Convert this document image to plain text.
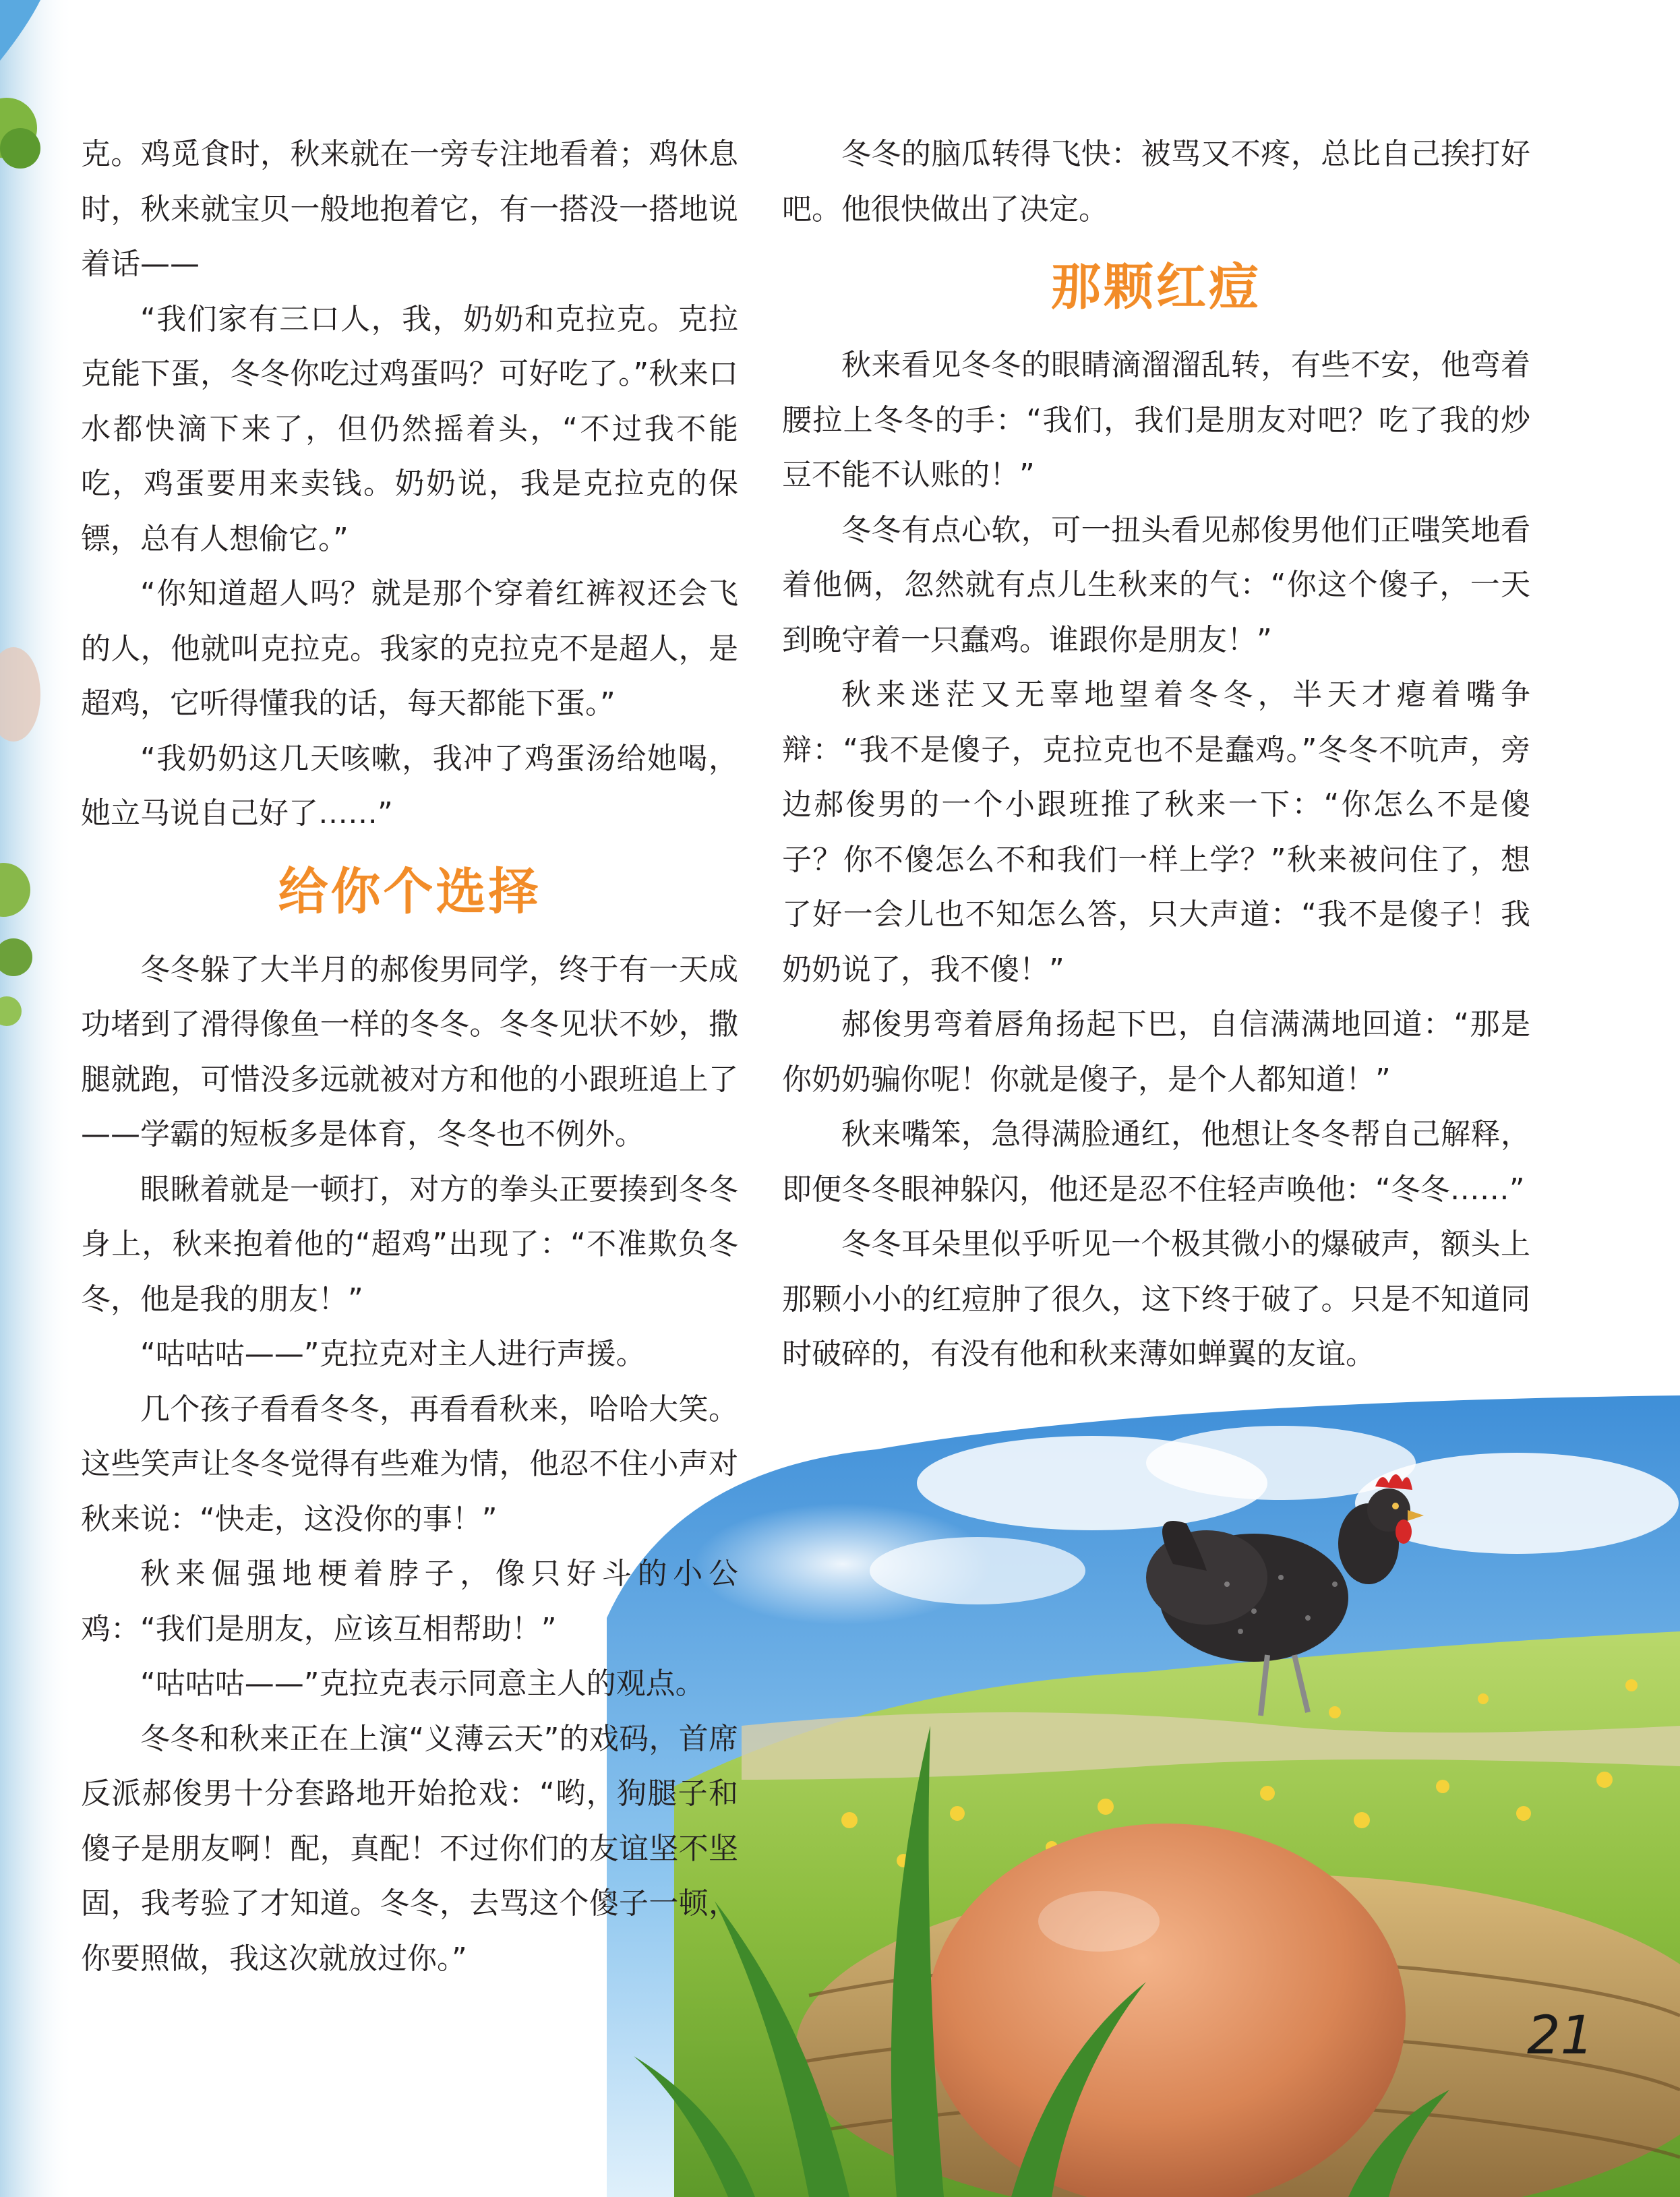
克。鸡觅食时，秋来就在一旁专注地看着；鸡休息时，秋来就宝贝一般地抱着它，有一搭没一搭地说着话——

“我们家有三口人，我，奶奶和克拉克。克拉克能下蛋，冬冬你吃过鸡蛋吗？可好吃了。”秋来口水都快滴下来了，但仍然摇着头，“不过我不能吃，鸡蛋要用来卖钱。奶奶说，我是克拉克的保镖，总有人想偷它。”

“你知道超人吗？就是那个穿着红裤衩还会飞的人，他就叫克拉克。我家的克拉克不是超人，是超鸡，它听得懂我的话，每天都能下蛋。”

“我奶奶这几天咳嗽，我冲了鸡蛋汤给她喝，她立马说自己好了……”

给你个选择

冬冬躲了大半月的郝俊男同学，终于有一天成功堵到了滑得像鱼一样的冬冬。冬冬见状不妙，撒腿就跑，可惜没多远就被对方和他的小跟班追上了——学霸的短板多是体育，冬冬也不例外。

眼瞅着就是一顿打，对方的拳头正要揍到冬冬身上，秋来抱着他的“超鸡”出现了：“不准欺负冬冬，他是我的朋友！”

“咕咕咕——”克拉克对主人进行声援。

几个孩子看看冬冬，再看看秋来，哈哈大笑。这些笑声让冬冬觉得有些难为情，他忍不住小声对秋来说：“快走，这没你的事！”

秋来倔强地梗着脖子，像只好斗的小公鸡：“我们是朋友，应该互相帮助！”

“咕咕咕——”克拉克表示同意主人的观点。

冬冬和秋来正在上演“义薄云天”的戏码，首席反派郝俊男十分套路地开始抢戏：“哟，狗腿子和傻子是朋友啊！配，真配！不过你们的友谊坚不坚固，我考验了才知道。冬冬，去骂这个傻子一顿，你要照做，我这次就放过你。”

冬冬的脑瓜转得飞快：被骂又不疼，总比自己挨打好吧。他很快做出了决定。

那颗红痘

秋来看见冬冬的眼睛滴溜溜乱转，有些不安，他弯着腰拉上冬冬的手：“我们，我们是朋友对吧？吃了我的炒豆不能不认账的！”

冬冬有点心软，可一扭头看见郝俊男他们正嗤笑地看着他俩，忽然就有点儿生秋来的气：“你这个傻子，一天到晚守着一只蠢鸡。谁跟你是朋友！”

秋来迷茫又无辜地望着冬冬，半天才瘪着嘴争辩：“我不是傻子，克拉克也不是蠢鸡。”冬冬不吭声，旁边郝俊男的一个小跟班推了秋来一下：“你怎么不是傻子？你不傻怎么不和我们一样上学？”秋来被问住了，想了好一会儿也不知怎么答，只大声道：“我不是傻子！我奶奶说了，我不傻！”

郝俊男弯着唇角扬起下巴，自信满满地回道：“那是你奶奶骗你呢！你就是傻子，是个人都知道！”

秋来嘴笨，急得满脸通红，他想让冬冬帮自己解释，即便冬冬眼神躲闪，他还是忍不住轻声唤他：“冬冬……”

冬冬耳朵里似乎听见一个极其微小的爆破声，额头上那颗小小的红痘肿了很久，这下终于破了。只是不知道同时破碎的，有没有他和秋来薄如蝉翼的友谊。

21
